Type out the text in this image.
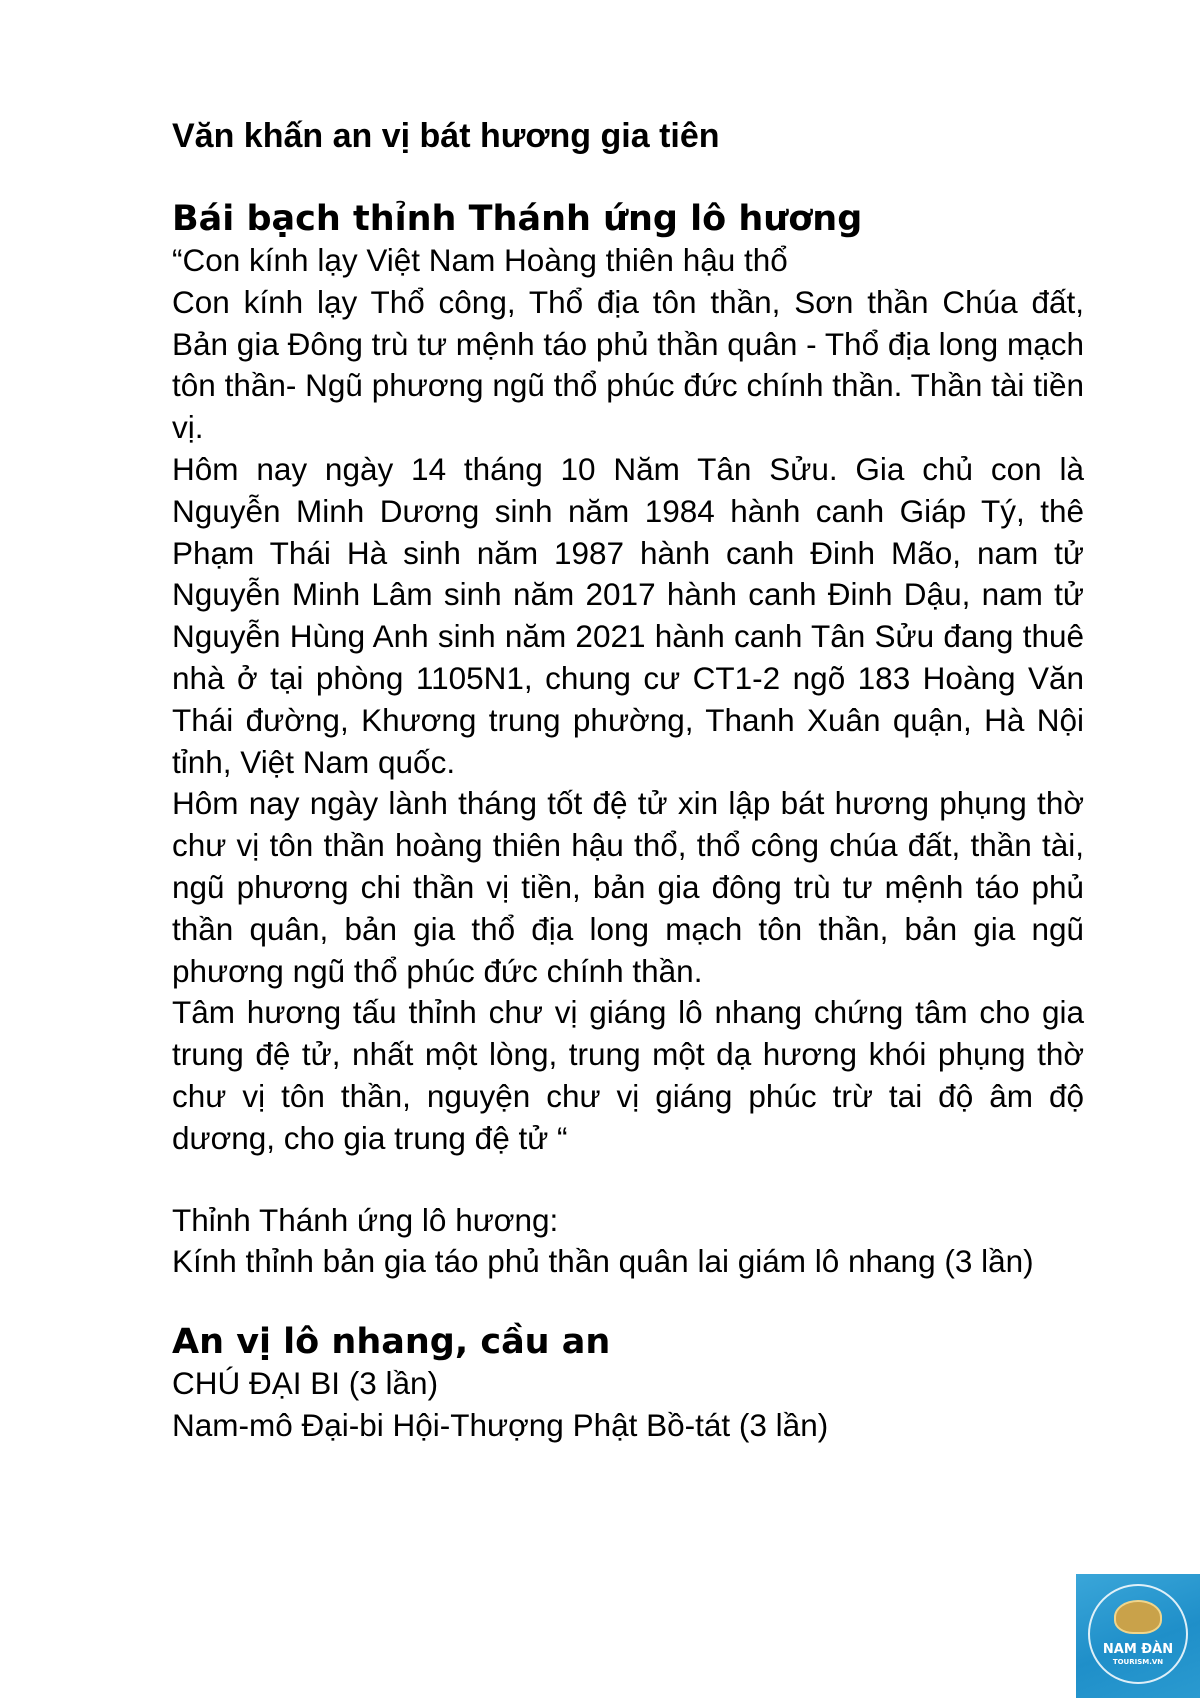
Văn khấn an vị bát hương gia tiên
Bái bạch thỉnh Thánh ứng lô hương

“Con kính lạy Việt Nam Hoàng thiên hậu thổ

Con kính lạy Thổ công, Thổ địa tôn thần, Sơn thần Chúa đất, Bản gia Đông trù tư mệnh táo phủ thần quân - Thổ địa long mạch tôn thần- Ngũ phương ngũ thổ phúc đức chính thần. Thần tài tiền vị.

Hôm nay ngày 14 tháng 10 Năm Tân Sửu. Gia chủ con là Nguyễn Minh Dương sinh năm 1984 hành canh Giáp Tý, thê Phạm Thái Hà sinh năm 1987 hành canh Đinh Mão, nam tử Nguyễn Minh Lâm sinh năm 2017 hành canh Đinh Dậu, nam tử Nguyễn Hùng Anh sinh năm 2021 hành canh Tân Sửu đang thuê nhà ở tại phòng 1105N1, chung cư CT1-2 ngõ 183 Hoàng Văn Thái đường, Khương trung phường, Thanh Xuân quận, Hà Nội tỉnh, Việt Nam quốc.

Hôm nay ngày lành tháng tốt đệ tử xin lập bát hương phụng thờ chư vị tôn thần hoàng thiên hậu thổ, thổ công chúa đất, thần tài, ngũ phương chi thần vị tiền, bản gia đông trù tư mệnh táo phủ thần quân, bản gia thổ địa long mạch tôn thần, bản gia ngũ phương ngũ thổ phúc đức chính thần.

Tâm hương tấu thỉnh chư vị giáng lô nhang chứng tâm cho gia trung đệ tử, nhất một lòng, trung một dạ hương khói phụng thờ chư vị tôn thần, nguyện chư vị giáng phúc trừ tai độ âm độ dương, cho gia trung đệ tử “

Thỉnh Thánh ứng lô hương:

Kính thỉnh bản gia táo phủ thần quân lai giám lô nhang (3 lần)

An vị lô nhang, cầu an

CHÚ ĐẠI BI (3 lần)

Nam-mô Đại-bi Hội-Thượng Phật Bồ-tát (3 lần)

NAM ĐÀN
TOURISM.VN
